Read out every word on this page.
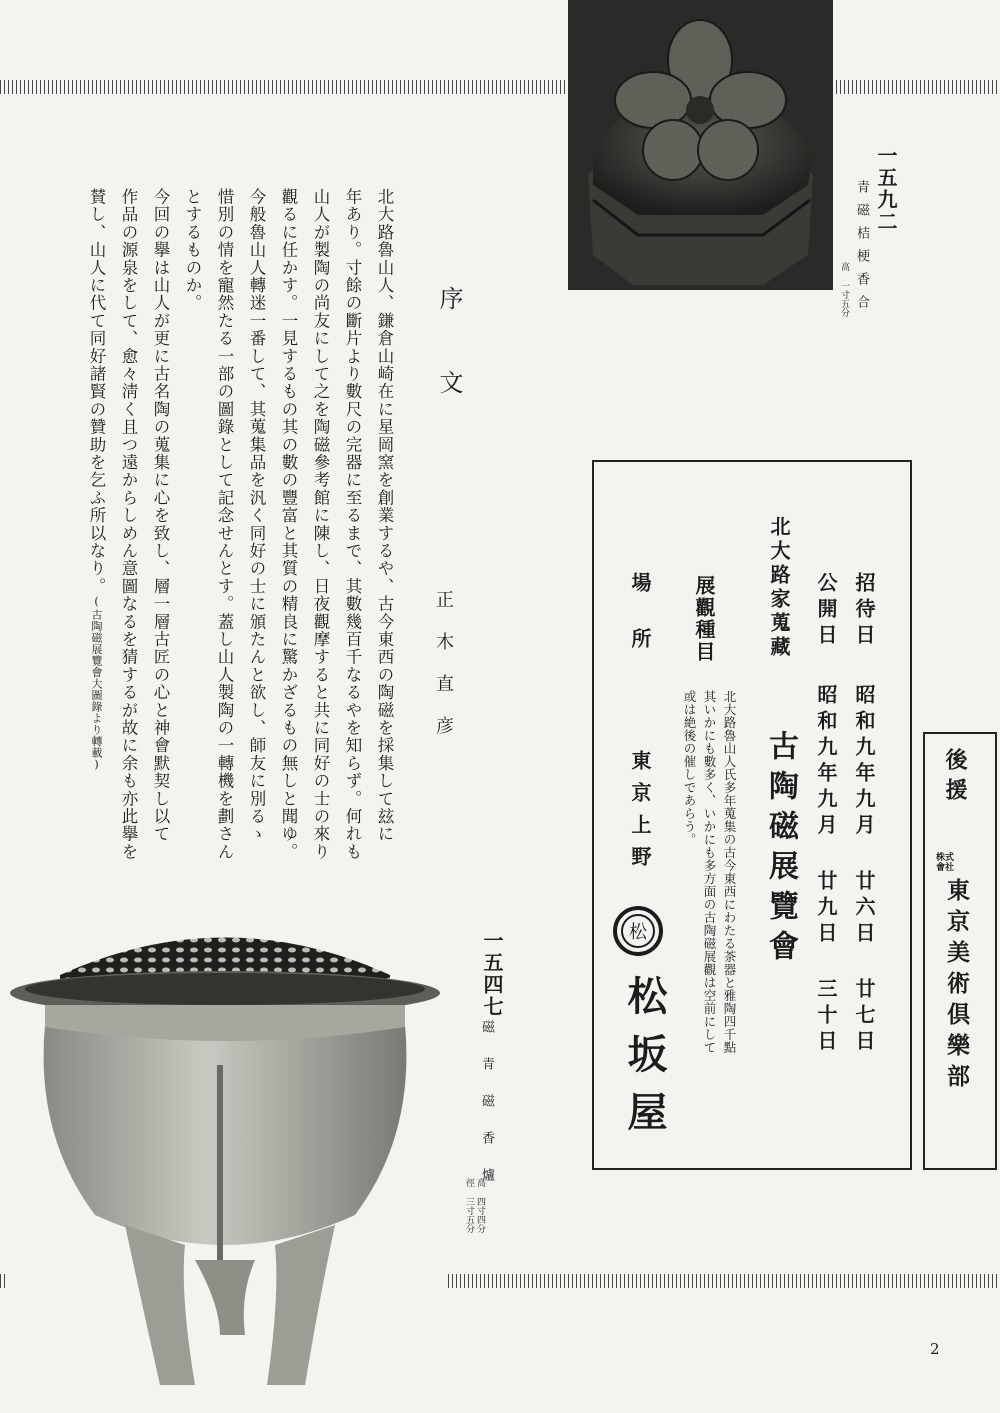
一五九二
青磁桔梗香合
高 一寸五分
序文
正木直彦
北大路魯山人、鎌倉山崎在に星岡窯を創業するや、古今東西の陶磁を採集して玆に
年あり。寸餘の斷片より數尺の完器に至るまで、其數幾百千なるやを知らず。何れも
山人が製陶の尚友にして之を陶磁參考館に陳し、日夜觀摩すると共に同好の士の來り
觀るに任かす。一見するもの其の數の豐富と其質の精良に驚かざるもの無しと聞ゆ。
今般魯山人轉迷一番して、其蒐集品を汎く同好の士に頒たんと欲し、師友に別るゝ
惜別の情を寵然たる一部の圖錄として記念せんとす。蓋し山人製陶の一轉機を劃さん
とするものか。
今回の擧は山人が更に古名陶の蒐集に心を致し、層一層古匠の心と神會默契し以て
作品の源泉をして、愈々淸く且つ遠からしめん意圖なるを猜するが故に余も亦此擧を
賛し、山人に代て同好諸賢の贊助を乞ふ所以なり。(古陶磁展覽會大圖錄より轉載)
一五四七
磁青磁香爐
高 四寸四分
徑 三寸五分
招待日
昭和九年九月 廿六日 廿七日
公開日
昭和九年九月 廿九日 三十日
北大路家蒐藏
古陶磁展覽會
展觀種目
北大路魯山人氏多年蒐集の古今東西にわたる茶器と雅陶四千點
其いかにも數多く、いかにも多方面の古陶磁展觀は空前にして
或は絶後の催しであらう。
場所
東京上野
松
松坂屋
後援
株式
會社
東京美術倶樂部
2
